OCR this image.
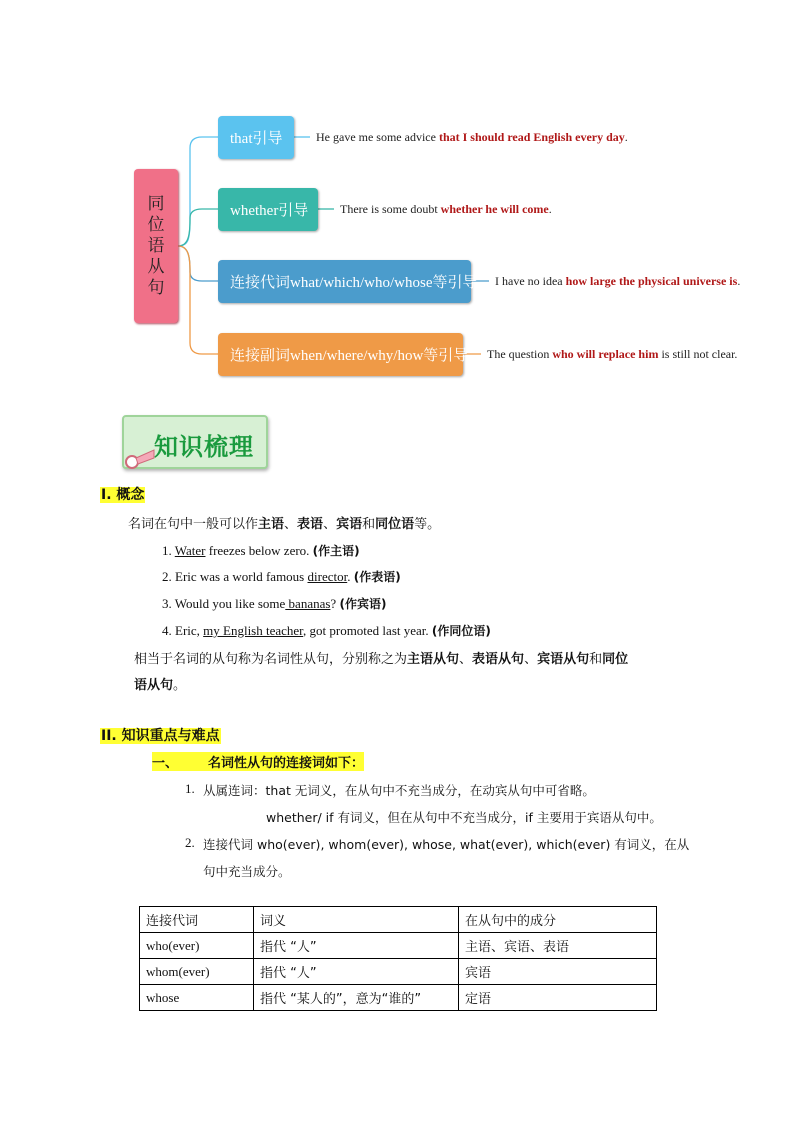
同位语从句
that引导
whether引导
连接代词what/which/who/whose等引导
连接副词when/where/why/how等引导
He gave me some advice that I should read English every day.
There is some doubt whether he will come.
I have no idea how large the physical universe is.
The question who will replace him is still not clear.
知识梳理
I. 概念
名词在句中一般可以作主语、表语、宾语和同位语等。
1. Water freezes below zero. (作主语)
2. Eric was a world famous director. (作表语)
3. Would you like some bananas? (作宾语)
4. Eric, my English teacher, got promoted last year. (作同位语)
相当于名词的从句称为名词性从句，分别称之为主语从句、表语从句、宾语从句和同位
语从句。
II. 知识重点与难点
一、 名词性从句的连接词如下：
1. 从属连词：that 无词义，在从句中不充当成分，在动宾从句中可省略。
whether/ if 有词义，但在从句中不充当成分，if 主要用于宾语从句中。
2. 连接代词 who(ever), whom(ever), whose, what(ever), which(ever) 有词义，在从
句中充当成分。
连接代词	词义	在从句中的成分
who(ever)	指代 “人”	主语、宾语、表语
whom(ever)	指代 “人”	宾语
whose	指代 “某人的”，意为“谁的”	定语
